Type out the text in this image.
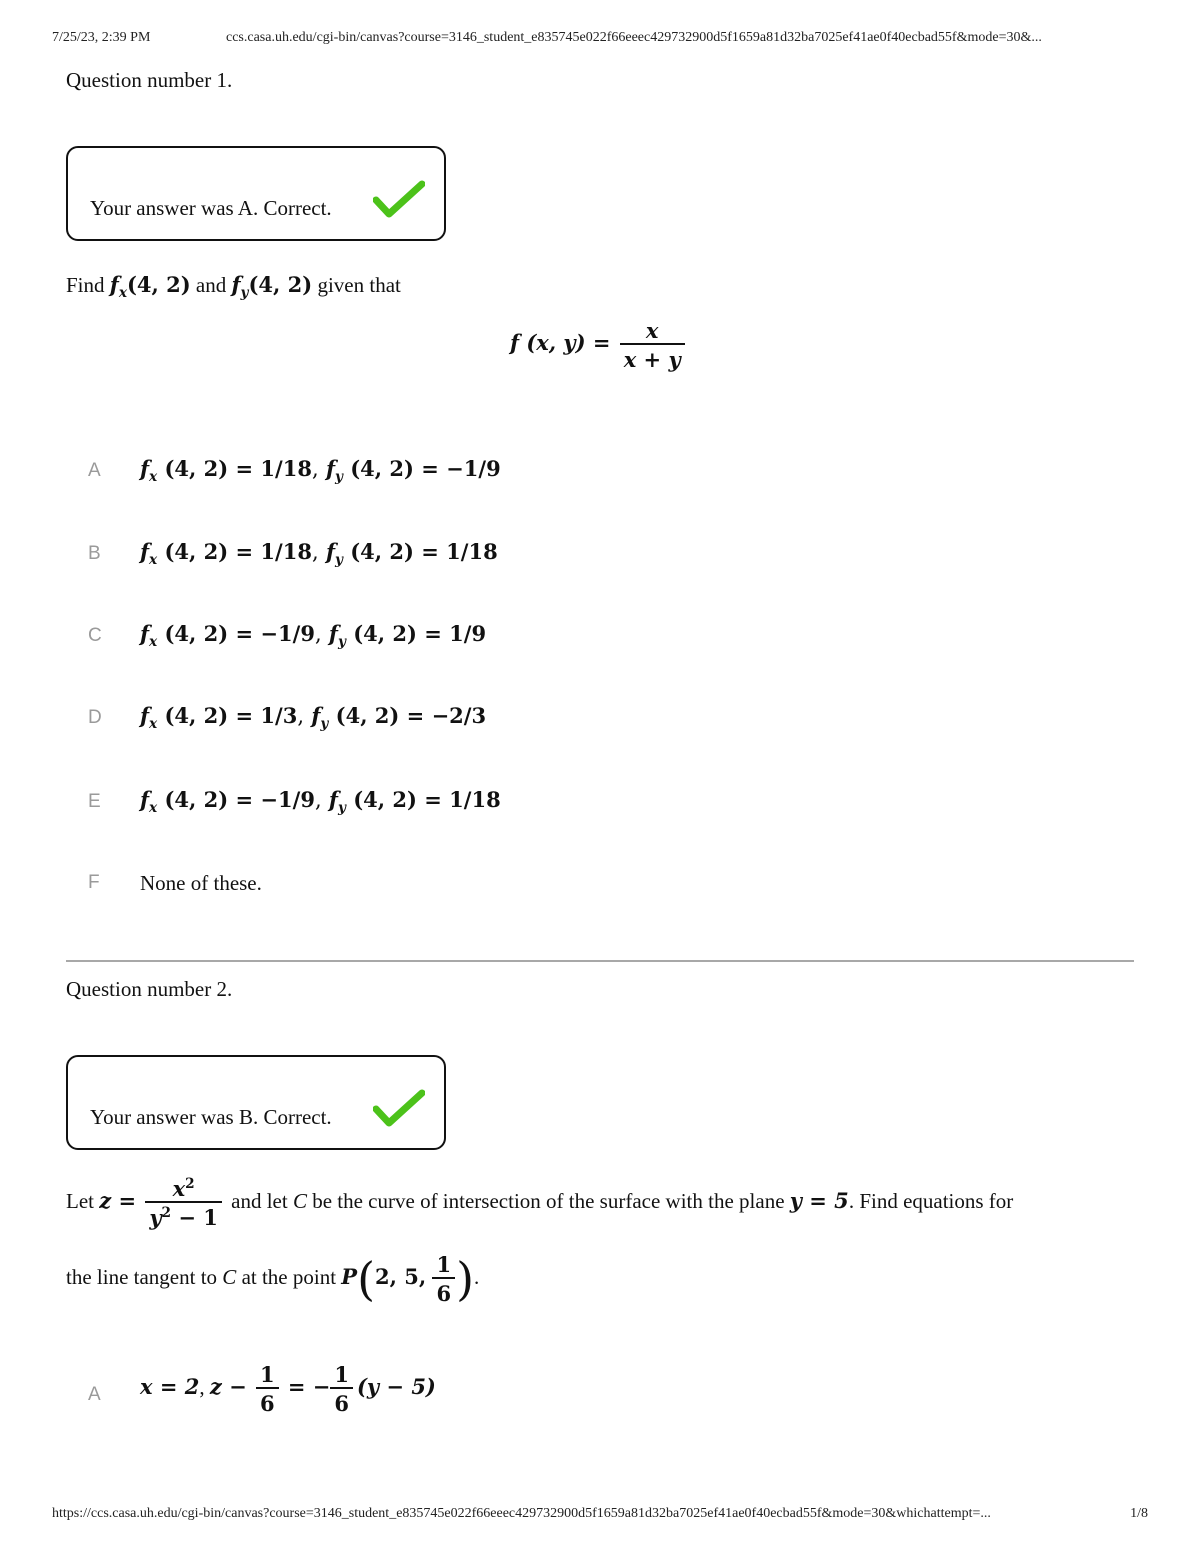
7/25/23, 2:39 PM	ccs.casa.uh.edu/cgi-bin/canvas?course=3146_student_e835745e022f66eeec429732900d5f1659a81d32ba7025ef41ae0f40ecbad55f&mode=30&...
Question number 1.
Your answer was A. Correct.
Find $f_x(4$, 2) and $f_y(4$, 2) given that
f (x, $y) = \frac{x}{x + y}$
A $f_x$ (4, 2) = 1/18, $f_y$ (4, 2) = −1/9
B $f_x$ (4, 2) = 1/18, $f_y$ (4, 2) = 1/18
C $f_x$ (4, 2) = −1/9, $f_y$ (4, 2) = 1/9
D $f_x$ (4, 2) = 1/3, $f_y$ (4, 2) = −2/3
E $f_x$ (4, 2) = −1/9, $f_y$ (4, 2) = 1/18
F None of these.
Question number 2.
Your answer was B. Correct.
Let $z = \frac{x^2}{y^2 - 1}$ and let C be the curve of intersection of the surface with the plane y = 5. Find equations for
the line tangent to C at the point P(2, 5, $\frac{1}{6}$ ).
A x = 2, $z - \frac{1}{6}$ = − $\frac{1}{6} (y - 5)$
https://ccs.casa.uh.edu/cgi-bin/canvas?course=3146_student_e835745e022f66eeec429732900d5f1659a81d32ba7025ef41ae0f40ecbad55f&mode=30&whichattempt=...	1/8
